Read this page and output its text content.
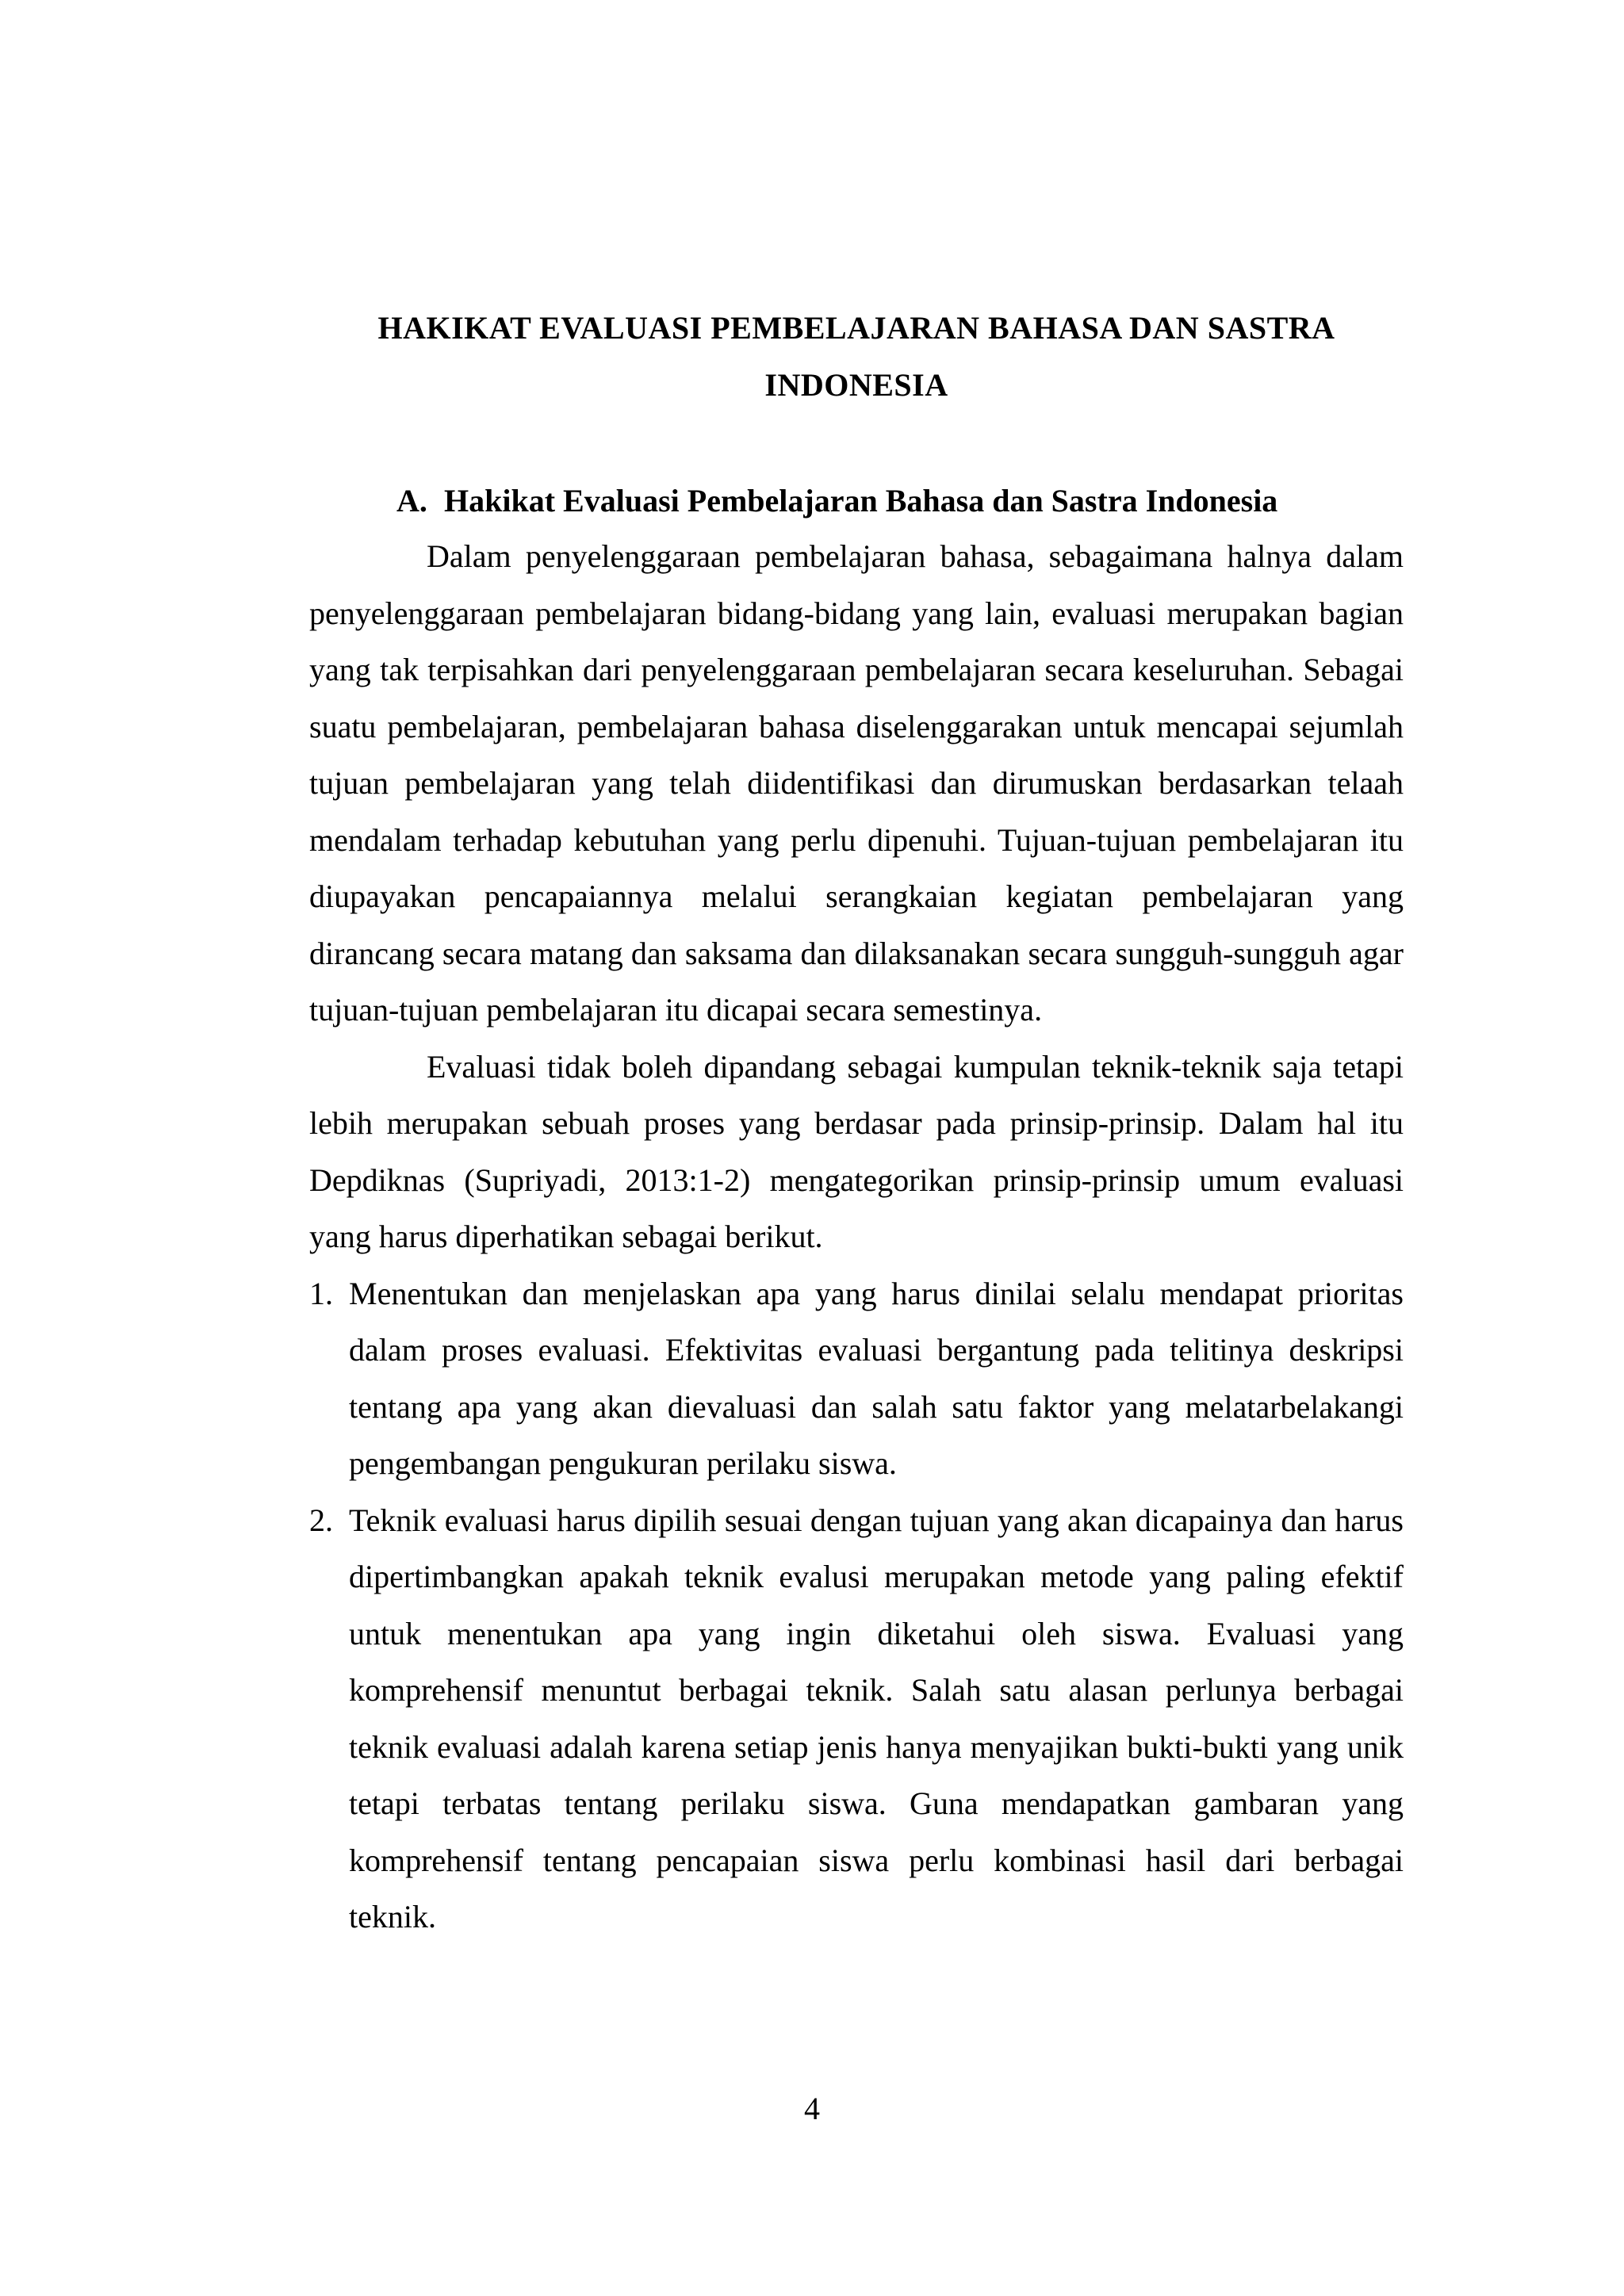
HAKIKAT EVALUASI PEMBELAJARAN BAHASA DAN SASTRA
INDONESIA
A. Hakikat Evaluasi Pembelajaran Bahasa dan Sastra Indonesia

Dalam penyelenggaraan pembelajaran bahasa, sebagaimana halnya dalam penyelenggaraan pembelajaran bidang-bidang yang lain, evaluasi merupakan bagian yang tak terpisahkan dari penyelenggaraan pembelajaran secara keseluruhan. Sebagai suatu pembelajaran, pembelajaran bahasa diselenggarakan untuk mencapai sejumlah tujuan pembelajaran yang telah diidentifikasi dan dirumuskan berdasarkan telaah mendalam terhadap kebutuhan yang perlu dipenuhi. Tujuan-tujuan pembelajaran itu diupayakan pencapaiannya melalui serangkaian kegiatan pembelajaran yang dirancang secara matang dan saksama dan dilaksanakan secara sungguh-sungguh agar tujuan-tujuan pembelajaran itu dicapai secara semestinya.

Evaluasi tidak boleh dipandang sebagai kumpulan teknik-teknik saja tetapi lebih merupakan sebuah proses yang berdasar pada prinsip-prinsip. Dalam hal itu Depdiknas (Supriyadi, 2013:1-2) mengategorikan prinsip-prinsip umum evaluasi yang harus diperhatikan sebagai berikut.

1. Menentukan dan menjelaskan apa yang harus dinilai selalu mendapat prioritas dalam proses evaluasi. Efektivitas evaluasi bergantung pada telitinya deskripsi tentang apa yang akan dievaluasi dan salah satu faktor yang melatarbelakangi pengembangan pengukuran perilaku siswa.
2. Teknik evaluasi harus dipilih sesuai dengan tujuan yang akan dicapainya dan harus dipertimbangkan apakah teknik evalusi merupakan metode yang paling efektif untuk menentukan apa yang ingin diketahui oleh siswa. Evaluasi yang komprehensif menuntut berbagai teknik. Salah satu alasan perlunya berbagai teknik evaluasi adalah karena setiap jenis hanya menyajikan bukti-bukti yang unik tetapi terbatas tentang perilaku siswa. Guna mendapatkan gambaran yang komprehensif tentang pencapaian siswa perlu kombinasi hasil dari berbagai teknik.
4
